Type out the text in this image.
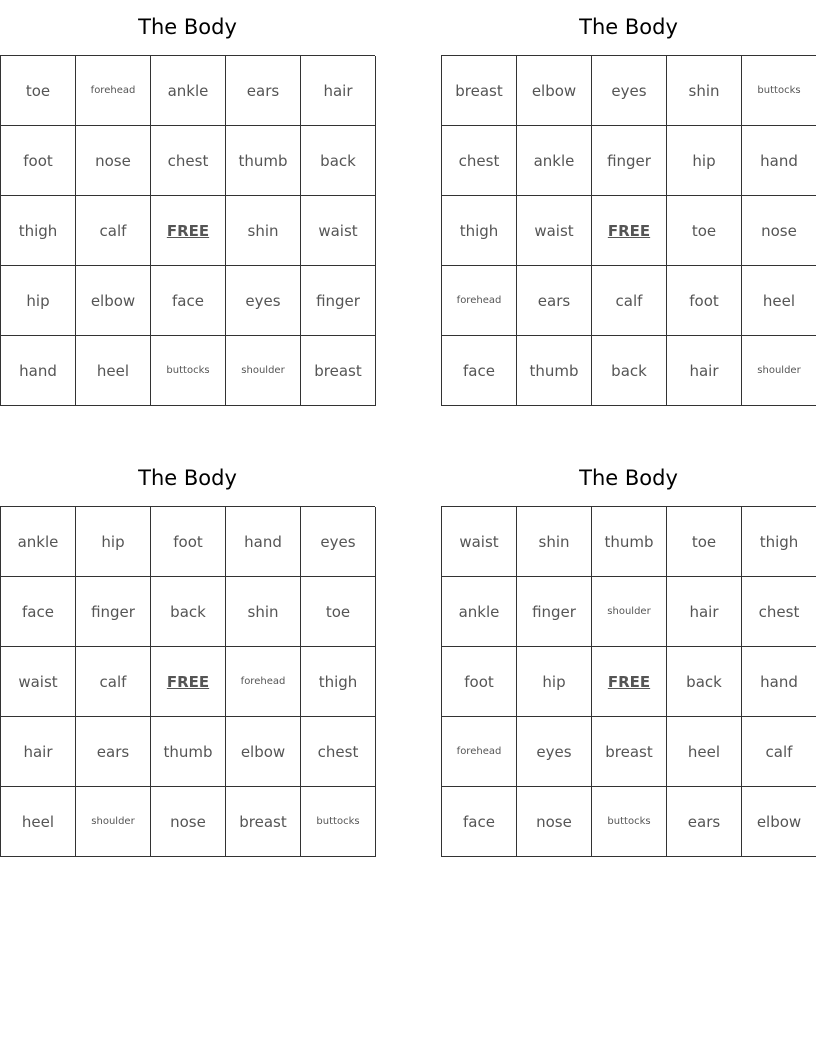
The Body
toe	forehead	ankle	ears	hair
foot	nose	chest	thumb	back
thigh	calf	FREE	shin	waist
hip	elbow	face	eyes	finger
hand	heel	buttocks	shoulder	breast
The Body
breast	elbow	eyes	shin	buttocks
chest	ankle	finger	hip	hand
thigh	waist	FREE	toe	nose
forehead	ears	calf	foot	heel
face	thumb	back	hair	shoulder
The Body
ankle	hip	foot	hand	eyes
face	finger	back	shin	toe
waist	calf	FREE	forehead	thigh
hair	ears	thumb	elbow	chest
heel	shoulder	nose	breast	buttocks
The Body
waist	shin	thumb	toe	thigh
ankle	finger	shoulder	hair	chest
foot	hip	FREE	back	hand
forehead	eyes	breast	heel	calf
face	nose	buttocks	ears	elbow
